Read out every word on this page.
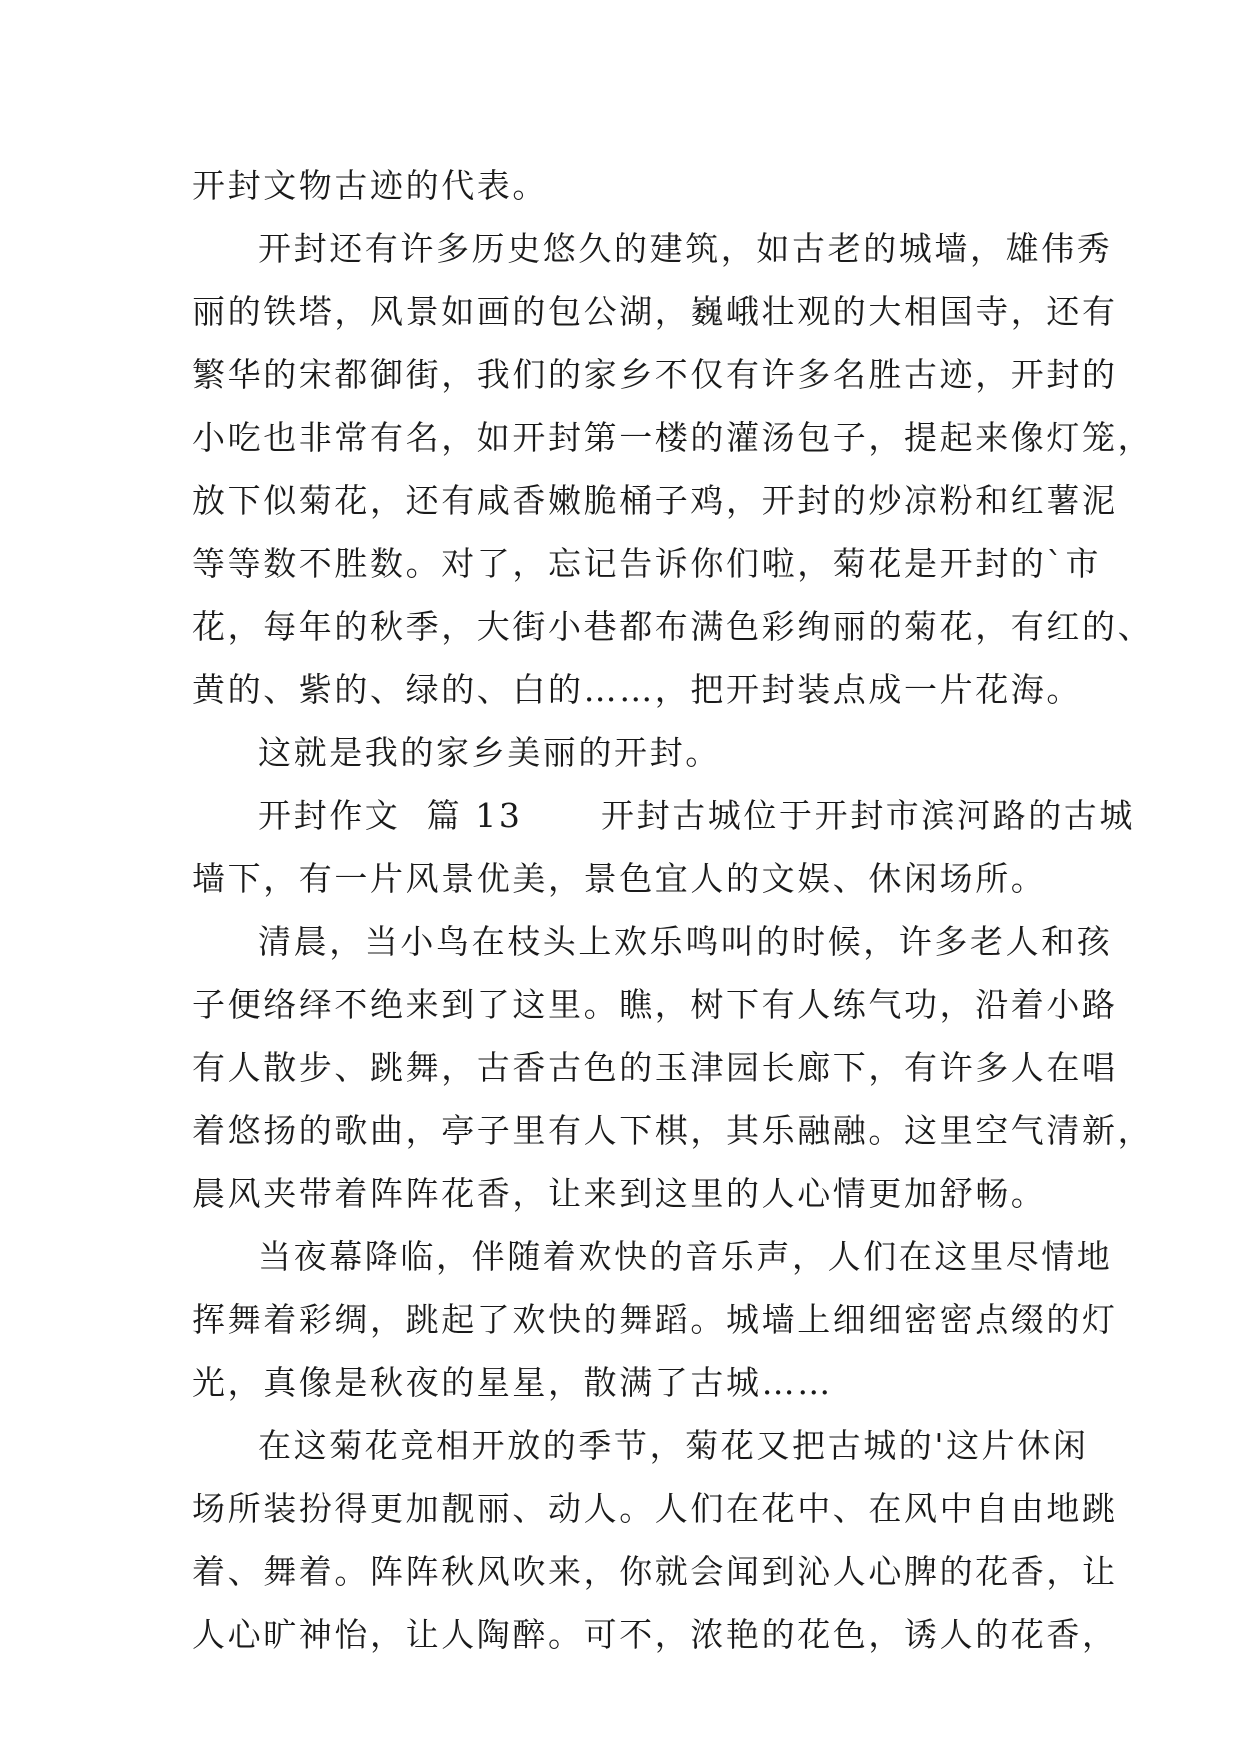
开封文物古迹的代表。
开封还有许多历史悠久的建筑，如古老的城墙，雄伟秀
丽的铁塔，风景如画的包公湖，巍峨壮观的大相国寺，还有
繁华的宋都御街，我们的家乡不仅有许多名胜古迹，开封的
小吃也非常有名，如开封第一楼的灌汤包子，提起来像灯笼，
放下似菊花，还有咸香嫩脆桶子鸡，开封的炒凉粉和红薯泥
等等数不胜数。对了，忘记告诉你们啦，菊花是开封的`市
花，每年的秋季，大街小巷都布满色彩绚丽的菊花，有红的、
黄的、紫的、绿的、白的……，把开封装点成一片花海。
这就是我的家乡美丽的开封。
开封作文  篇 13      开封古城位于开封市滨河路的古城
墙下，有一片风景优美，景色宜人的文娱、休闲场所。
清晨，当小鸟在枝头上欢乐鸣叫的时候，许多老人和孩
子便络绎不绝来到了这里。瞧，树下有人练气功，沿着小路
有人散步、跳舞，古香古色的玉津园长廊下，有许多人在唱
着悠扬的歌曲，亭子里有人下棋，其乐融融。这里空气清新，
晨风夹带着阵阵花香，让来到这里的人心情更加舒畅。
当夜幕降临，伴随着欢快的音乐声，人们在这里尽情地
挥舞着彩绸，跳起了欢快的舞蹈。城墙上细细密密点缀的灯
光，真像是秋夜的星星，散满了古城……
在这菊花竞相开放的季节，菊花又把古城的'这片休闲
场所装扮得更加靓丽、动人。人们在花中、在风中自由地跳
着、舞着。阵阵秋风吹来，你就会闻到沁人心脾的花香，让
人心旷神怡，让人陶醉。可不，浓艳的花色，诱人的花香，
